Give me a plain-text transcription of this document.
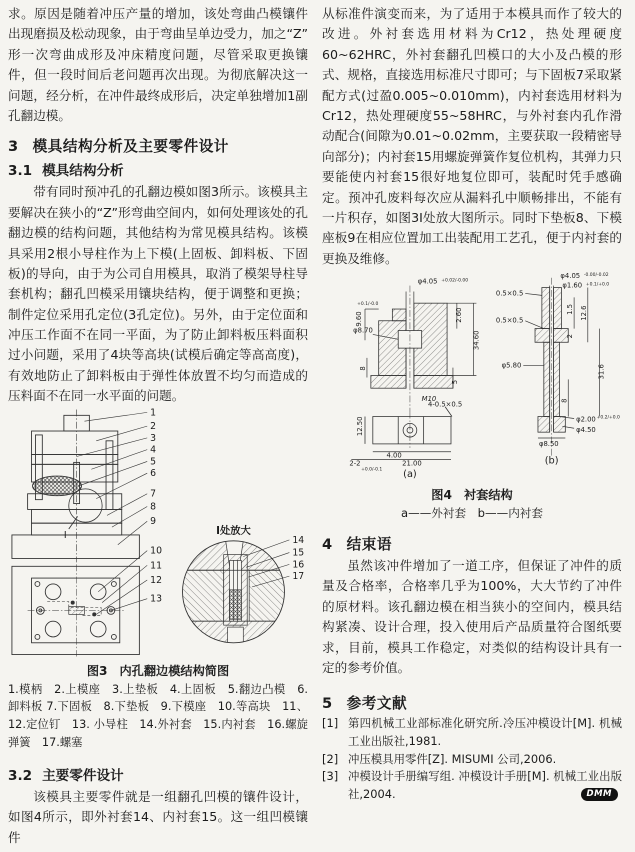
求。原因是随着冲压产量的增加，该处弯曲凸模镶件出现磨损及松动现象，由于弯曲呈单边受力，加之“Z”形一次弯曲成形及冲床精度问题，尽管采取更换镶件，但一段时间后老问题再次出现。为彻底解决这一问题，经分析，在冲件最终成形后，决定单独增加1副孔翻边模。

3 模具结构分析及主要零件设计
3.1 模具结构分析

带有同时预冲孔的孔翻边模如图3所示。该模具主要解决在狭小的“Z”形弯曲空间内，如何处理该处的孔翻边模的结构问题，其他结构为常见模具结构。该模具采用2根小导柱作为上下模(上固板、卸料板、下固板)的导向，由于为公司自用模具，取消了模架导柱导套机构；翻孔凹模采用镶块结构，便于调整和更换；制件定位采用孔定位(3孔定位)。另外，由于定位面和冲压工作面不在同一平面，为了防止卸料板压料面积过小问题，采用了4块等高块(试模后确定等高高度)，有效地防止了卸料板由于弹性体放置不均匀而造成的压料面不在同一水平面的问题。

I
1
2
3
4
5
6
7
8
9
10
11
12
13
I处放大
14
15
16
17
图3 内孔翻边模结构简图

1.模柄　2.上模座　3.上垫板　4.上固板　5.翻边凸模　6.卸料板 7.下固板　8.下垫板　9.下模座　10.等高块　11、12.定位钉　13. 小导柱　14.外衬套　15.内衬套　16.螺旋弹簧　17.螺塞

3.2 主要零件设计

该模具主要零件就是一组翻孔凹模的镶件设计，如图4所示，即外衬套14、内衬套15。这一组凹模镶件

从标准件演变而来，为了适用于本模具而作了较大的改进。外衬套选用材料为Cr12，热处理硬度60~62HRC，外衬套翻孔凹模口的大小及凸模的形式、规格，直接选用标准尺寸即可；与下固板7采取紧配方式(过盈0.005~0.010mm)，内衬套选用材料为Cr12，热处理硬度55~58HRC，与外衬套内孔作滑动配合(间隙为0.01~0.02mm，主要获取一段精密导向部分)；内衬套15用螺旋弹簧作复位机构，其弹力只要能使内衬套15很好地复位即可，装配时凭手感确定。预冲孔废料每次应从漏料孔中顺畅排出，不能有一片积存，如图3I处放大图所示。同时下垫板8、下模座板9在相应位置加工出装配用工艺孔，便于内衬套的更换及维修。

φ4.05 +0.02/-0.00
9.60
+0.1/-0.0
2.60
34.60
φ8.70
8
5
M10
4-0.5×0.5
12.50
4.00
2-2
+0.0/-0.1
21.00
(a)
φ4.05 -0.00/-0.02
φ1.60 +0.1/+0.0
0.5×0.5
0.5×0.5
1.5 12.6
2
31.6
φ5.80
8
φ2.00 +0.2/+0.0
φ4.50
φ8.50
(b)
图4 衬套结构

a——外衬套　b——内衬套

4 结束语

虽然该冲件增加了一道工序，但保证了冲件的质量及合格率，合格率几乎为100%，大大节约了冲件的原材料。该孔翻边模在相当狭小的空间内，模具结构紧凑、设计合理，投入使用后产品质量符合图纸要求，目前，模具工作稳定，对类似的结构设计具有一定的参考价值。

5 参考文献
[1] 第四机械工业部标准化研究所.冷压冲模设计[M]. 机械工业出版社,1981.
[2] 冲压模具用零件[Z]. MISUMI 公司,2006.
[3] 冲模设计手册编写组. 冲模设计手册[M]. 机械工业出版社,2004.	DMM
